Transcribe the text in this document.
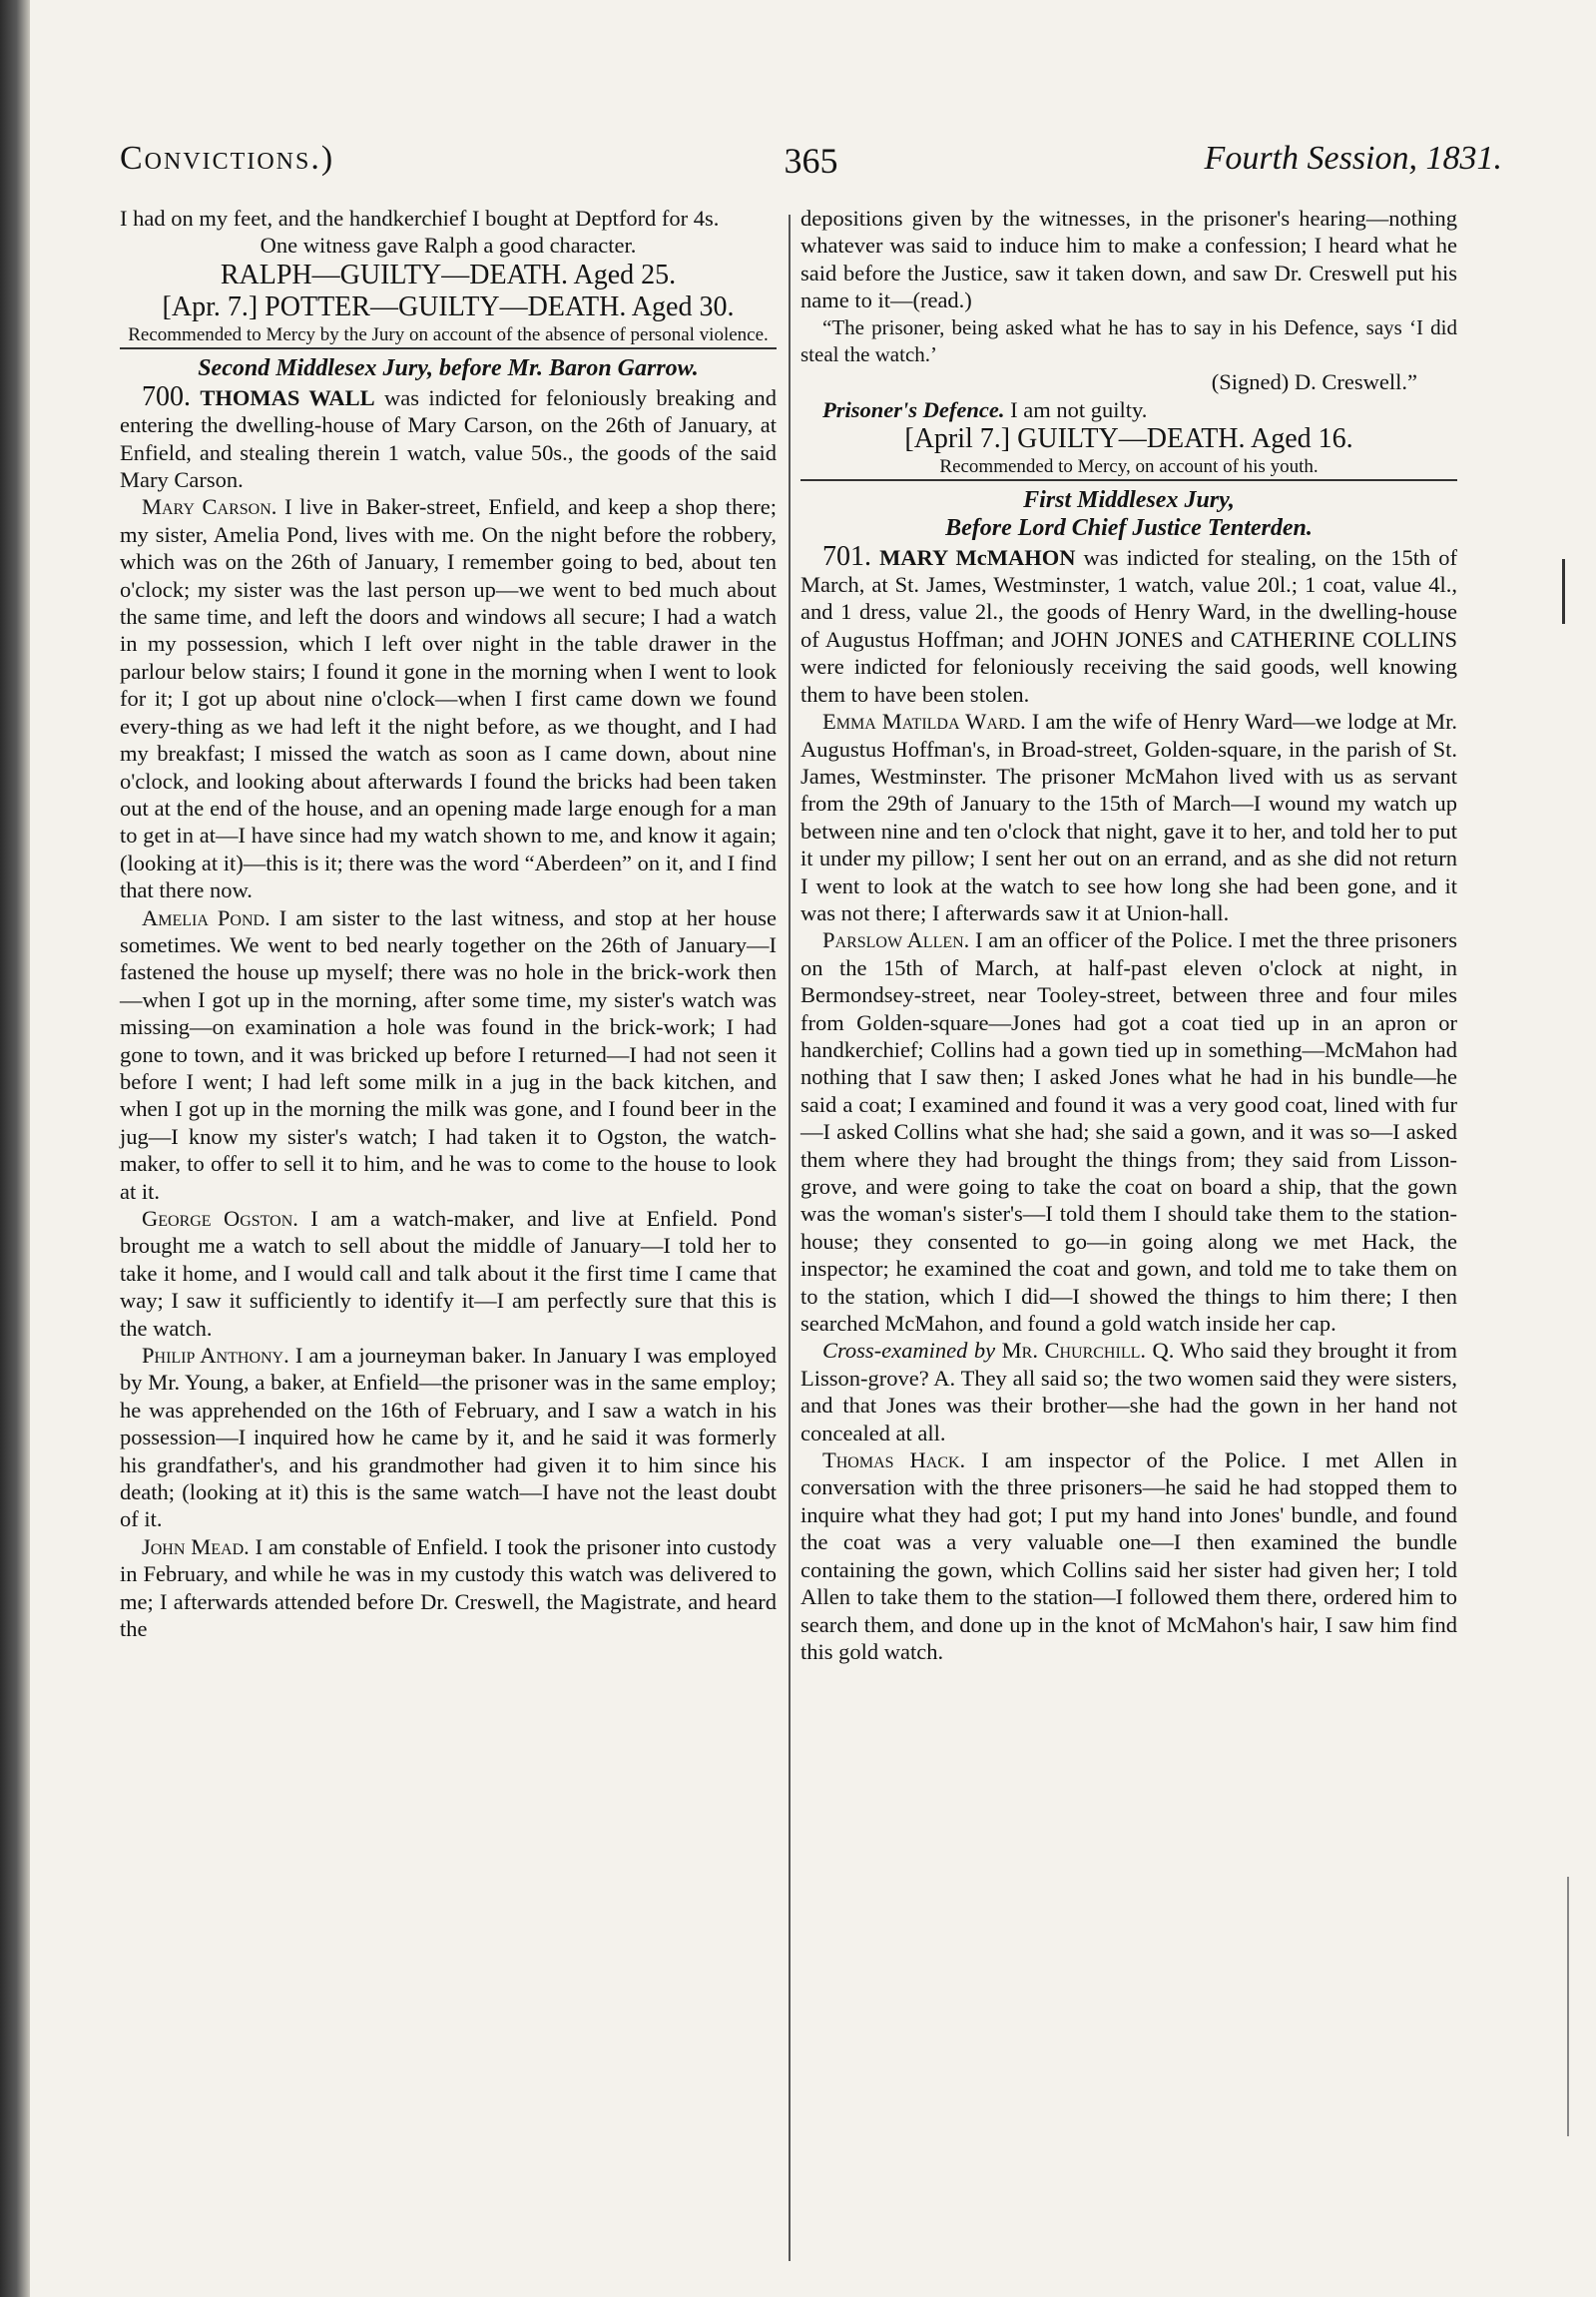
Convictions.)	365	Fourth Session, 1831.

I had on my feet, and the handkerchief I bought at Deptford for 4s.

One witness gave Ralph a good character.

RALPH—GUILTY—DEATH. Aged 25.

[Apr. 7.] POTTER—GUILTY—DEATH. Aged 30.

Recommended to Mercy by the Jury on account of the absence of personal violence.

Second Middlesex Jury, before Mr. Baron Garrow.

700. THOMAS WALL was indicted for feloniously breaking and entering the dwelling-house of Mary Carson, on the 26th of January, at Enfield, and stealing therein 1 watch, value 50s., the goods of the said Mary Carson.

Mary Carson. I live in Baker-street, Enfield, and keep a shop there; my sister, Amelia Pond, lives with me. On the night before the robbery, which was on the 26th of January, I remember going to bed, about ten o'clock; my sister was the last person up—we went to bed much about the same time, and left the doors and windows all secure; I had a watch in my possession, which I left over night in the table drawer in the parlour below stairs; I found it gone in the morning when I went to look for it; I got up about nine o'clock—when I first came down we found every-thing as we had left it the night before, as we thought, and I had my breakfast; I missed the watch as soon as I came down, about nine o'clock, and looking about afterwards I found the bricks had been taken out at the end of the house, and an opening made large enough for a man to get in at—I have since had my watch shown to me, and know it again; (looking at it)—this is it; there was the word “Aberdeen” on it, and I find that there now.

Amelia Pond. I am sister to the last witness, and stop at her house sometimes. We went to bed nearly together on the 26th of January—I fastened the house up myself; there was no hole in the brick-work then—when I got up in the morning, after some time, my sister's watch was missing—on examination a hole was found in the brick-work; I had gone to town, and it was bricked up before I returned—I had not seen it before I went; I had left some milk in a jug in the back kitchen, and when I got up in the morning the milk was gone, and I found beer in the jug—I know my sister's watch; I had taken it to Ogston, the watch-maker, to offer to sell it to him, and he was to come to the house to look at it.

George Ogston. I am a watch-maker, and live at Enfield. Pond brought me a watch to sell about the middle of January—I told her to take it home, and I would call and talk about it the first time I came that way; I saw it sufficiently to identify it—I am perfectly sure that this is the watch.

Philip Anthony. I am a journeyman baker. In January I was employed by Mr. Young, a baker, at Enfield—the prisoner was in the same employ; he was apprehended on the 16th of February, and I saw a watch in his possession—I inquired how he came by it, and he said it was formerly his grandfather's, and his grandmother had given it to him since his death; (looking at it) this is the same watch—I have not the least doubt of it.

John Mead. I am constable of Enfield. I took the prisoner into custody in February, and while he was in my custody this watch was delivered to me; I afterwards attended before Dr. Creswell, the Magistrate, and heard the

depositions given by the witnesses, in the prisoner's hearing—nothing whatever was said to induce him to make a confession; I heard what he said before the Justice, saw it taken down, and saw Dr. Creswell put his name to it—(read.)

“The prisoner, being asked what he has to say in his Defence, says ‘I did steal the watch.’

(Signed) D. Creswell.”

Prisoner's Defence. I am not guilty.

[April 7.] GUILTY—DEATH. Aged 16.

Recommended to Mercy, on account of his youth.

First Middlesex Jury,

Before Lord Chief Justice Tenterden.

701. MARY McMAHON was indicted for stealing, on the 15th of March, at St. James, Westminster, 1 watch, value 20l.; 1 coat, value 4l., and 1 dress, value 2l., the goods of Henry Ward, in the dwelling-house of Augustus Hoffman; and JOHN JONES and CATHERINE COLLINS were indicted for feloniously receiving the said goods, well knowing them to have been stolen.

Emma Matilda Ward. I am the wife of Henry Ward—we lodge at Mr. Augustus Hoffman's, in Broad-street, Golden-square, in the parish of St. James, Westminster. The prisoner McMahon lived with us as servant from the 29th of January to the 15th of March—I wound my watch up between nine and ten o'clock that night, gave it to her, and told her to put it under my pillow; I sent her out on an errand, and as she did not return I went to look at the watch to see how long she had been gone, and it was not there; I afterwards saw it at Union-hall.

Parslow Allen. I am an officer of the Police. I met the three prisoners on the 15th of March, at half-past eleven o'clock at night, in Bermondsey-street, near Tooley-street, between three and four miles from Golden-square—Jones had got a coat tied up in an apron or handkerchief; Collins had a gown tied up in something—McMahon had nothing that I saw then; I asked Jones what he had in his bundle—he said a coat; I examined and found it was a very good coat, lined with fur—I asked Collins what she had; she said a gown, and it was so—I asked them where they had brought the things from; they said from Lisson-grove, and were going to take the coat on board a ship, that the gown was the woman's sister's—I told them I should take them to the station-house; they consented to go—in going along we met Hack, the inspector; he examined the coat and gown, and told me to take them on to the station, which I did—I showed the things to him there; I then searched McMahon, and found a gold watch inside her cap.

Cross-examined by Mr. Churchill. Q. Who said they brought it from Lisson-grove? A. They all said so; the two women said they were sisters, and that Jones was their brother—she had the gown in her hand not concealed at all.

Thomas Hack. I am inspector of the Police. I met Allen in conversation with the three prisoners—he said he had stopped them to inquire what they had got; I put my hand into Jones' bundle, and found the coat was a very valuable one—I then examined the bundle containing the gown, which Collins said her sister had given her; I told Allen to take them to the station—I followed them there, ordered him to search them, and done up in the knot of McMahon's hair, I saw him find this gold watch.
